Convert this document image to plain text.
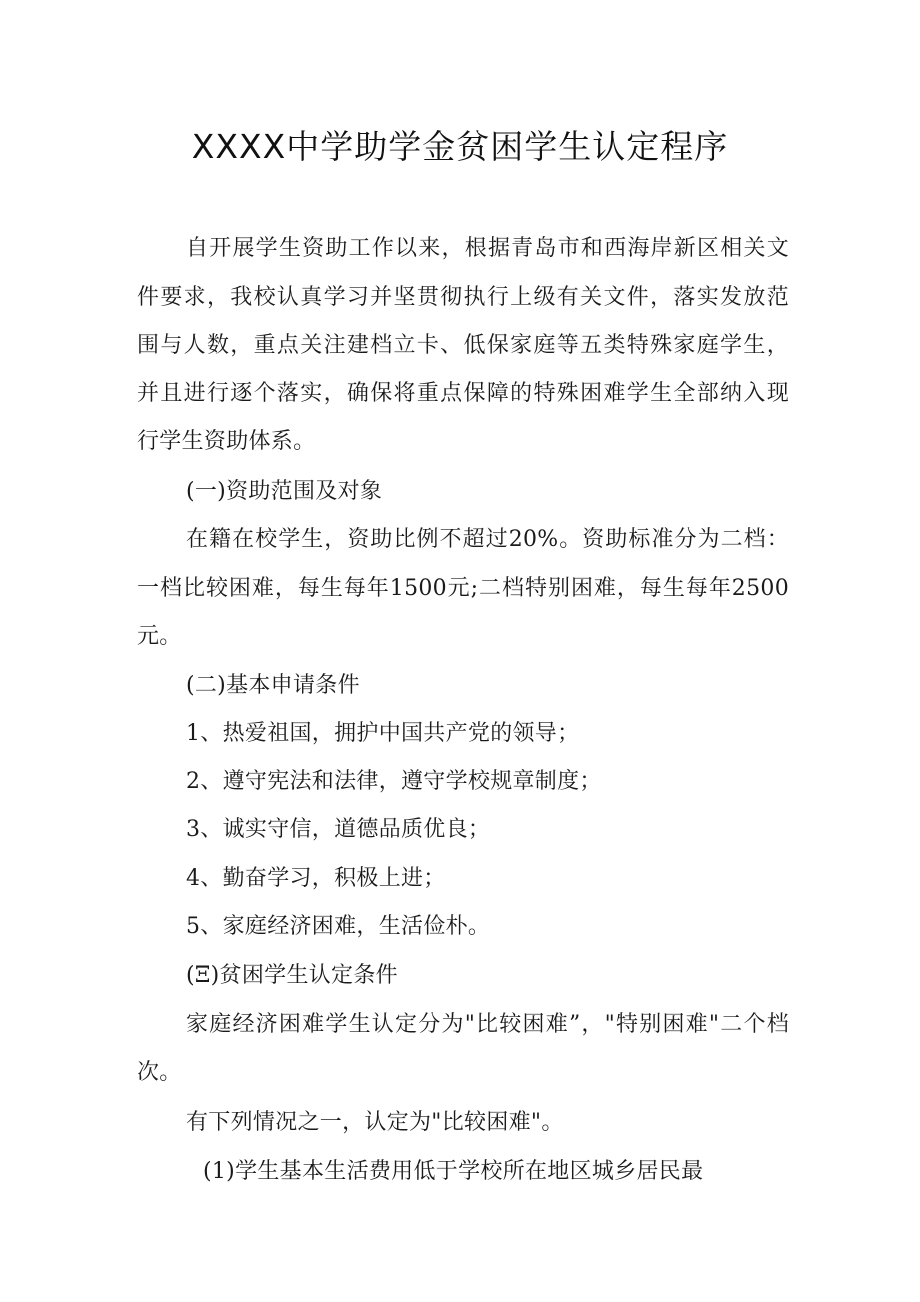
XXXX中学助学金贫困学生认定程序
自开展学生资助工作以来，根据青岛市和西海岸新区相关文
件要求，我校认真学习并坚贯彻执行上级有关文件，落实发放范
围与人数，重点关注建档立卡、低保家庭等五类特殊家庭学生，
并且进行逐个落实，确保将重点保障的特殊困难学生全部纳入现
行学生资助体系。
(一)资助范围及对象
在籍在校学生，资助比例不超过20%。资助标准分为二档：
一档比较困难，每生每年1500元;二档特别困难，每生每年2500
元。
(二)基本申请条件
1、热爱祖国，拥护中国共产党的领导；
2、遵守宪法和法律，遵守学校规章制度；
3、诚实守信，道德品质优良；
4、勤奋学习，积极上进；
5、家庭经济困难，生活俭朴。
(Ξ)贫困学生认定条件
家庭经济困难学生认定分为"比较困难”，"特别困难"二个档
次。
有下列情况之一，认定为"比较困难"。
(1)学生基本生活费用低于学校所在地区城乡居民最
